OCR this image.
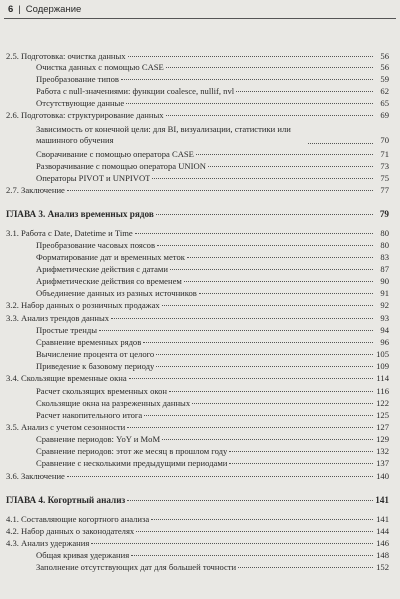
6 | Содержание
2.5. Подготовка: очистка данных	56
Очистка данных с помощью CASE	56
Преобразование типов	59
Работа с null-значениями: функции coalesce, nullif, nvl	62
Отсутствующие данные	65
2.6. Подготовка: структурирование данных	69
Зависимость от конечной цели: для BI, визуализации, статистики или машинного обучения	70
Сворачивание с помощью оператора CASE	71
Разворачивание с помощью оператора UNION	73
Операторы PIVOT и UNPIVOT	75
2.7. Заключение	77
ГЛАВА 3. Анализ временных рядов	79
3.1. Работа с Date, Datetime и Time	80
Преобразование часовых поясов	80
Форматирование дат и временных меток	83
Арифметические действия с датами	87
Арифметические действия со временем	90
Объединение данных из разных источников	91
3.2. Набор данных о розничных продажах	92
3.3. Анализ трендов данных	93
Простые тренды	94
Сравнение временных рядов	96
Вычисление процента от целого	105
Приведение к базовому периоду	109
3.4. Скользящие временные окна	114
Расчет скользящих временных окон	116
Скользящие окна на разреженных данных	122
Расчет накопительного итога	125
3.5. Анализ с учетом сезонности	127
Сравнение периодов: YoY и MoM	129
Сравнение периодов: этот же месяц в прошлом году	132
Сравнение с несколькими предыдущими периодами	137
3.6. Заключение	140
ГЛАВА 4. Когортный анализ	141
4.1. Составляющие когортного анализа	141
4.2. Набор данных о законодателях	144
4.3. Анализ удержания	146
Общая кривая удержания	148
Заполнение отсутствующих дат для большей точности	152
